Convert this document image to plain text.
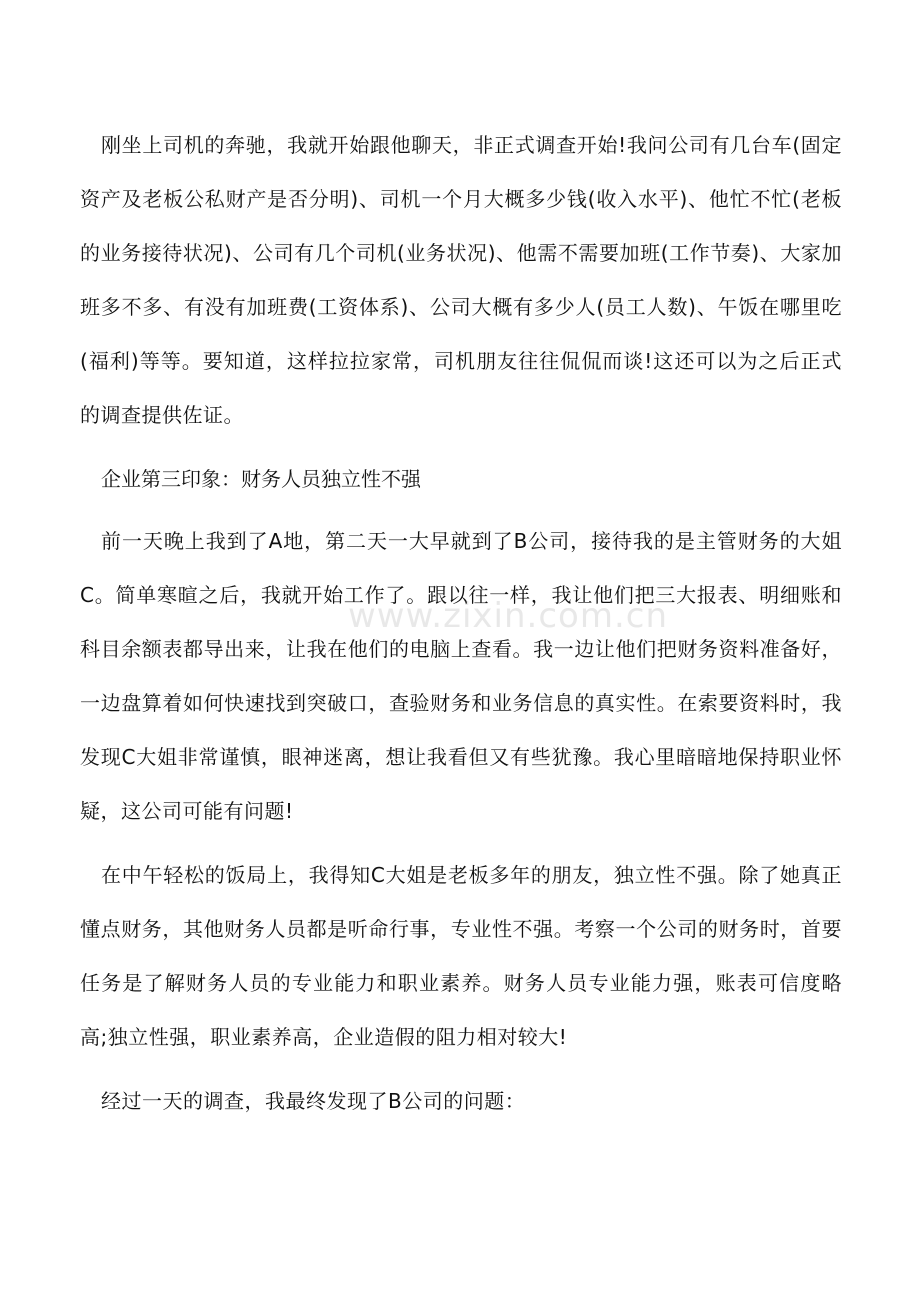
刚坐上司机的奔驰，我就开始跟他聊天，非正式调查开始!我问公司有几台车(固定资产及老板公私财产是否分明)、司机一个月大概多少钱(收入水平)、他忙不忙(老板的业务接待状况)、公司有几个司机(业务状况)、他需不需要加班(工作节奏)、大家加班多不多、有没有加班费(工资体系)、公司大概有多少人(员工人数)、午饭在哪里吃(福利)等等。要知道，这样拉拉家常，司机朋友往往侃侃而谈!这还可以为之后正式的调查提供佐证。

企业第三印象：财务人员独立性不强

前一天晚上我到了A地，第二天一大早就到了B公司，接待我的是主管财务的大姐C。简单寒暄之后，我就开始工作了。跟以往一样，我让他们把三大报表、明细账和科目余额表都导出来，让我在他们的电脑上查看。我一边让他们把财务资料准备好，一边盘算着如何快速找到突破口，查验财务和业务信息的真实性。在索要资料时，我发现C大姐非常谨慎，眼神迷离，想让我看但又有些犹豫。我心里暗暗地保持职业怀疑，这公司可能有问题!

在中午轻松的饭局上，我得知C大姐是老板多年的朋友，独立性不强。除了她真正懂点财务，其他财务人员都是听命行事，专业性不强。考察一个公司的财务时，首要任务是了解财务人员的专业能力和职业素养。财务人员专业能力强，账表可信度略高;独立性强，职业素养高，企业造假的阻力相对较大!

经过一天的调查，我最终发现了B公司的问题：

www.zixin.com.cn
